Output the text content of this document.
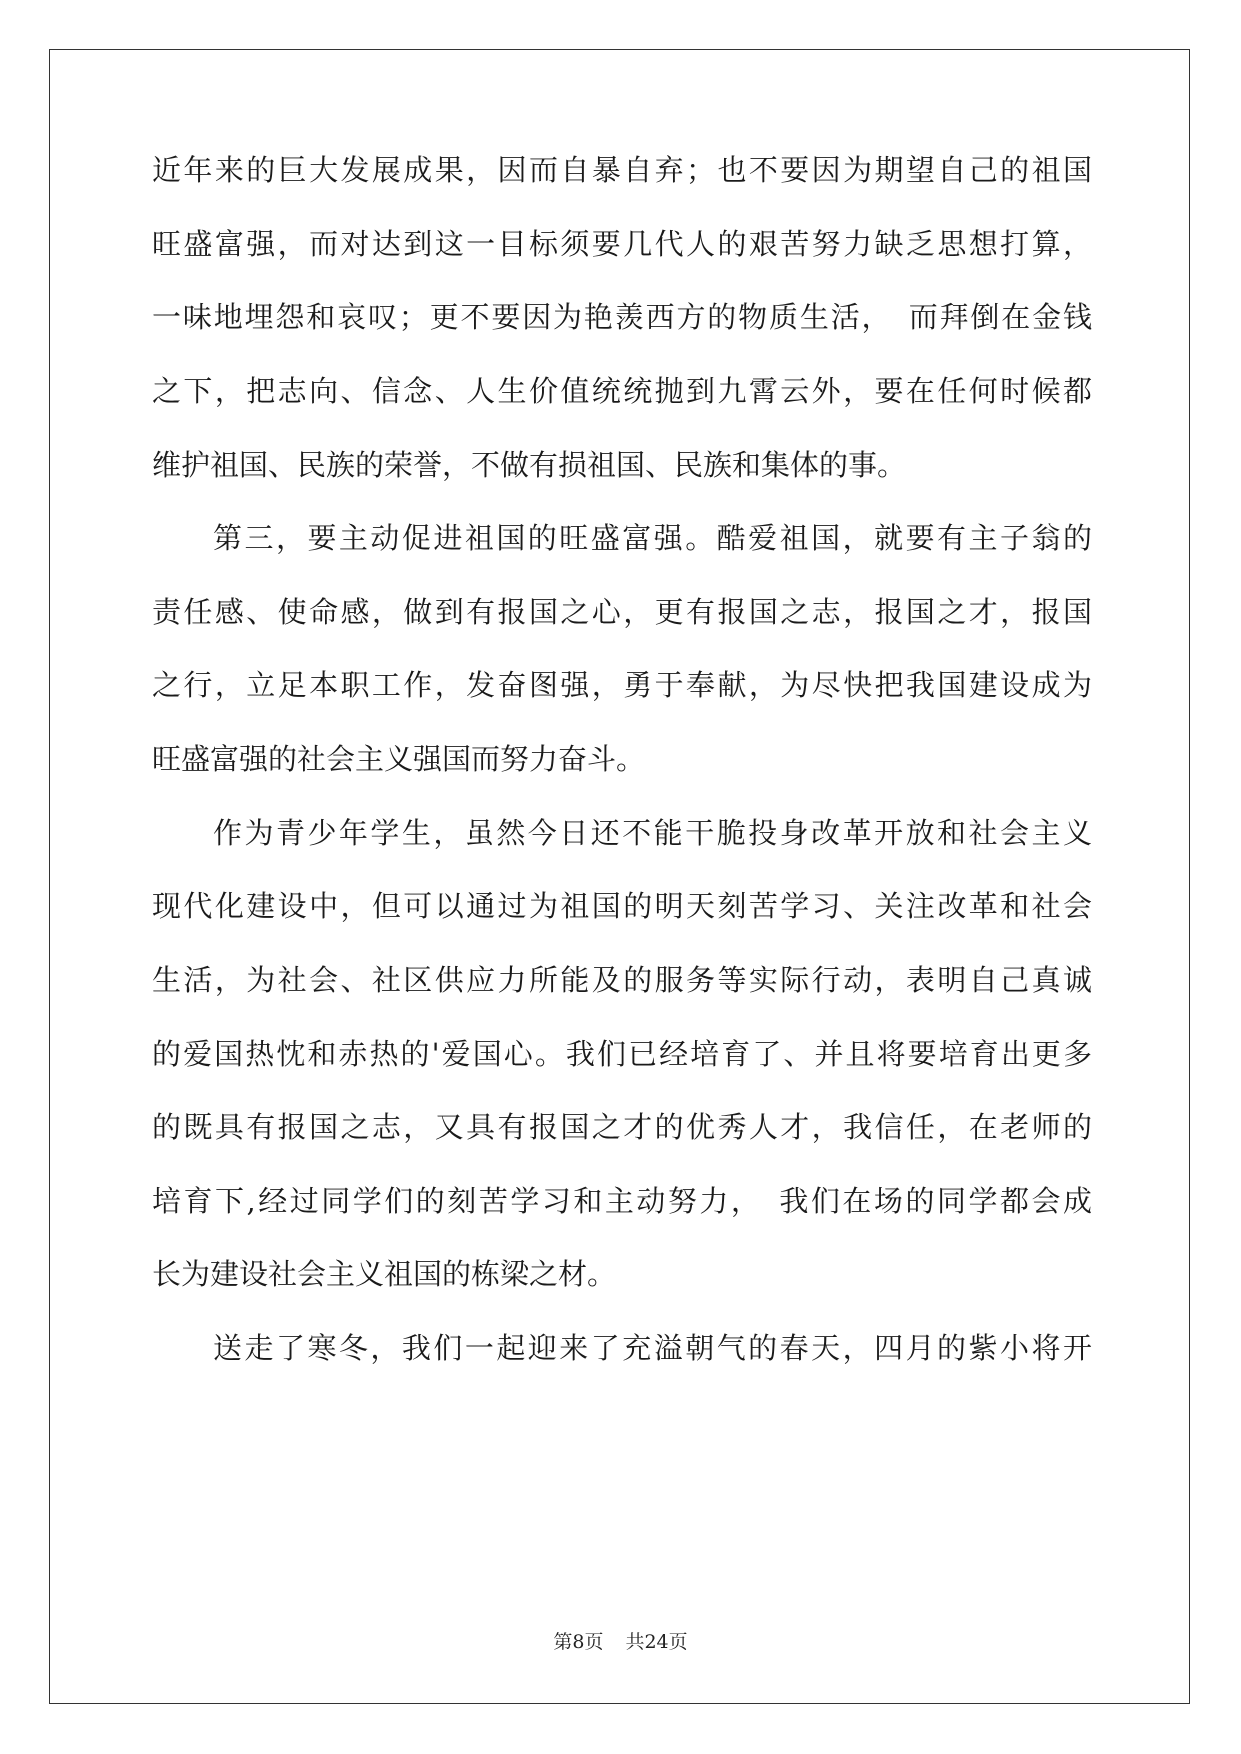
近年来的巨大发展成果，因而自暴自弃；也不要因为期望自己的祖国
旺盛富强，而对达到这一目标须要几代人的艰苦努力缺乏思想打算，
一味地埋怨和哀叹；更不要因为艳羡西方的物质生活，　而拜倒在金钱
之下，把志向、信念、人生价值统统抛到九霄云外，要在任何时候都
维护祖国、民族的荣誉，不做有损祖国、民族和集体的事。
第三，要主动促进祖国的旺盛富强。酷爱祖国，就要有主子翁的
责任感、使命感，做到有报国之心，更有报国之志，报国之才，报国
之行，立足本职工作，发奋图强，勇于奉献，为尽快把我国建设成为
旺盛富强的社会主义强国而努力奋斗。
作为青少年学生，虽然今日还不能干脆投身改革开放和社会主义
现代化建设中，但可以通过为祖国的明天刻苦学习、关注改革和社会
生活，为社会、社区供应力所能及的服务等实际行动，表明自己真诚
的爱国热忱和赤热的'爱国心。我们已经培育了、并且将要培育出更多
的既具有报国之志，又具有报国之才的优秀人才，我信任，在老师的
培育下,经过同学们的刻苦学习和主动努力，　我们在场的同学都会成
长为建设社会主义祖国的栋梁之材。
送走了寒冬，我们一起迎来了充溢朝气的春天，四月的紫小将开
第8页 共24页
